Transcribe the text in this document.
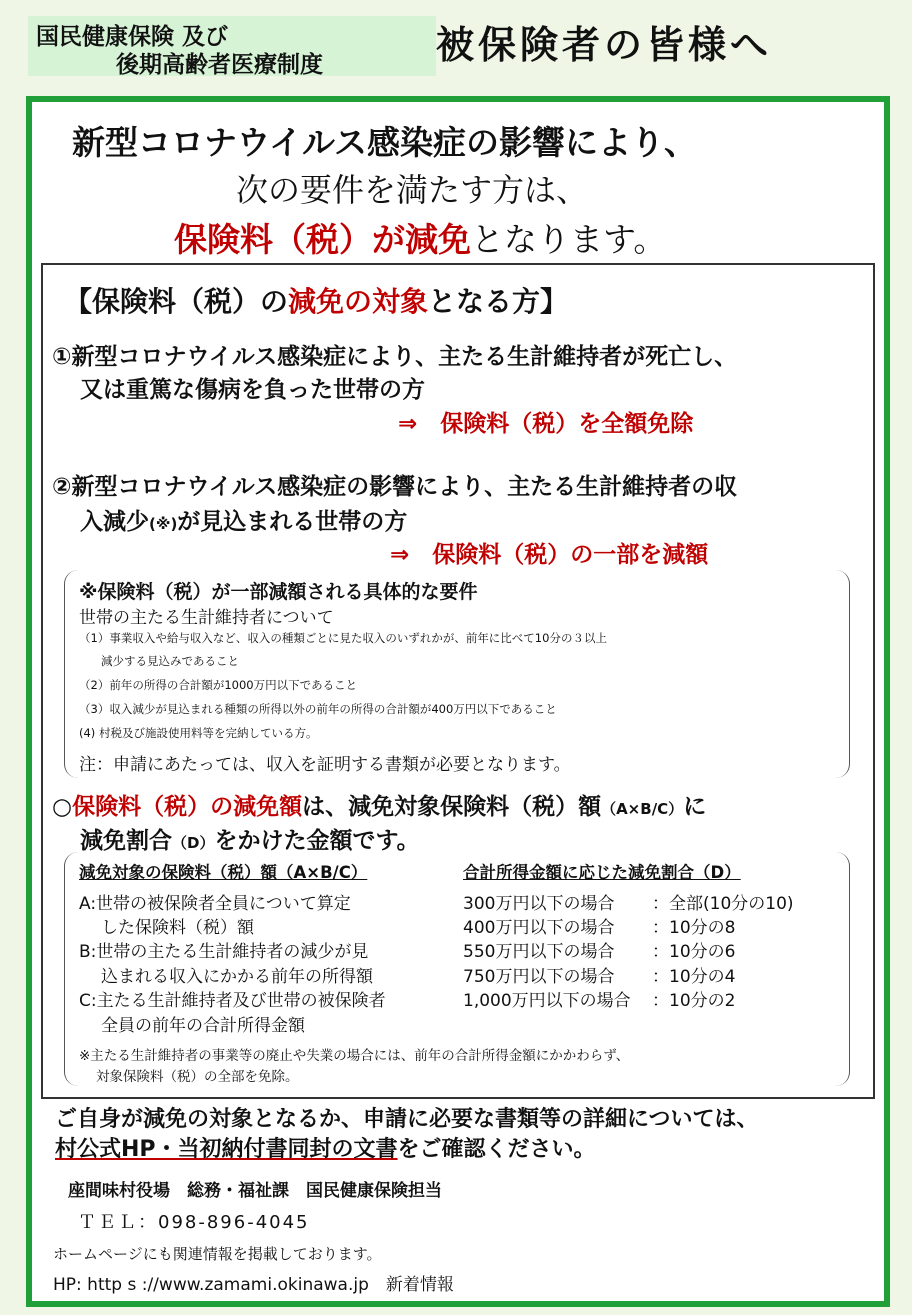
国民健康保険 及び
後期高齢者医療制度	被保険者の皆様へ
新型コロナウイルス感染症の影響により、
次の要件を満たす方は、
保険料（税）が減免となります。
【保険料（税）の減免の対象となる方】
①新型コロナウイルス感染症により、主たる生計維持者が死亡し、
又は重篤な傷病を負った世帯の方
⇒　保険料（税）を全額免除
②新型コロナウイルス感染症の影響により、主たる生計維持者の収
入減少(※)が見込まれる世帯の方
⇒　保険料（税）の一部を減額
※保険料（税）が一部減額される具体的な要件
世帯の主たる生計維持者について
（1）事業収入や給与収入など、収入の種類ごとに見た収入のいずれかが、前年に比べて10分の３以上
減少する見込みであること
（2）前年の所得の合計額が1000万円以下であること
（3）収入減少が見込まれる種類の所得以外の前年の所得の合計額が400万円以下であること
(4) 村税及び施設使用料等を完納している方。
注：申請にあたっては、収入を証明する書類が必要となります。
○保険料（税）の減免額は、減免対象保険料（税）額（A×B/C）に
減免割合（D）をかけた金額です。
減免対象の保険料（税）額（A×B/C）	合計所得金額に応じた減免割合（D）
A:世帯の被保険者全員について算定
した保険料（税）額
B:世帯の主たる生計維持者の減少が見
込まれる収入にかかる前年の所得額
C:主たる生計維持者及び世帯の被保険者
全員の前年の合計所得金額
300万円以下の場合 ：全部(10分の10)
400万円以下の場合 ：10分の8
550万円以下の場合 ：10分の6
750万円以下の場合 ：10分の4
1,000万円以下の場合 ：10分の2
※主たる生計維持者の事業等の廃止や失業の場合には、前年の合計所得金額にかかわらず、
対象保険料（税）の全部を免除。
ご自身が減免の対象となるか、申請に必要な書類等の詳細については、
村公式HP・当初納付書同封の文書をご確認ください。
座間味村役場　総務・福祉課　国民健康保険担当
ＴＥＬ：098-896-4045
ホームページにも関連情報を掲載しております。
HP: http s ://www.zamami.okinawa.jp　新着情報
